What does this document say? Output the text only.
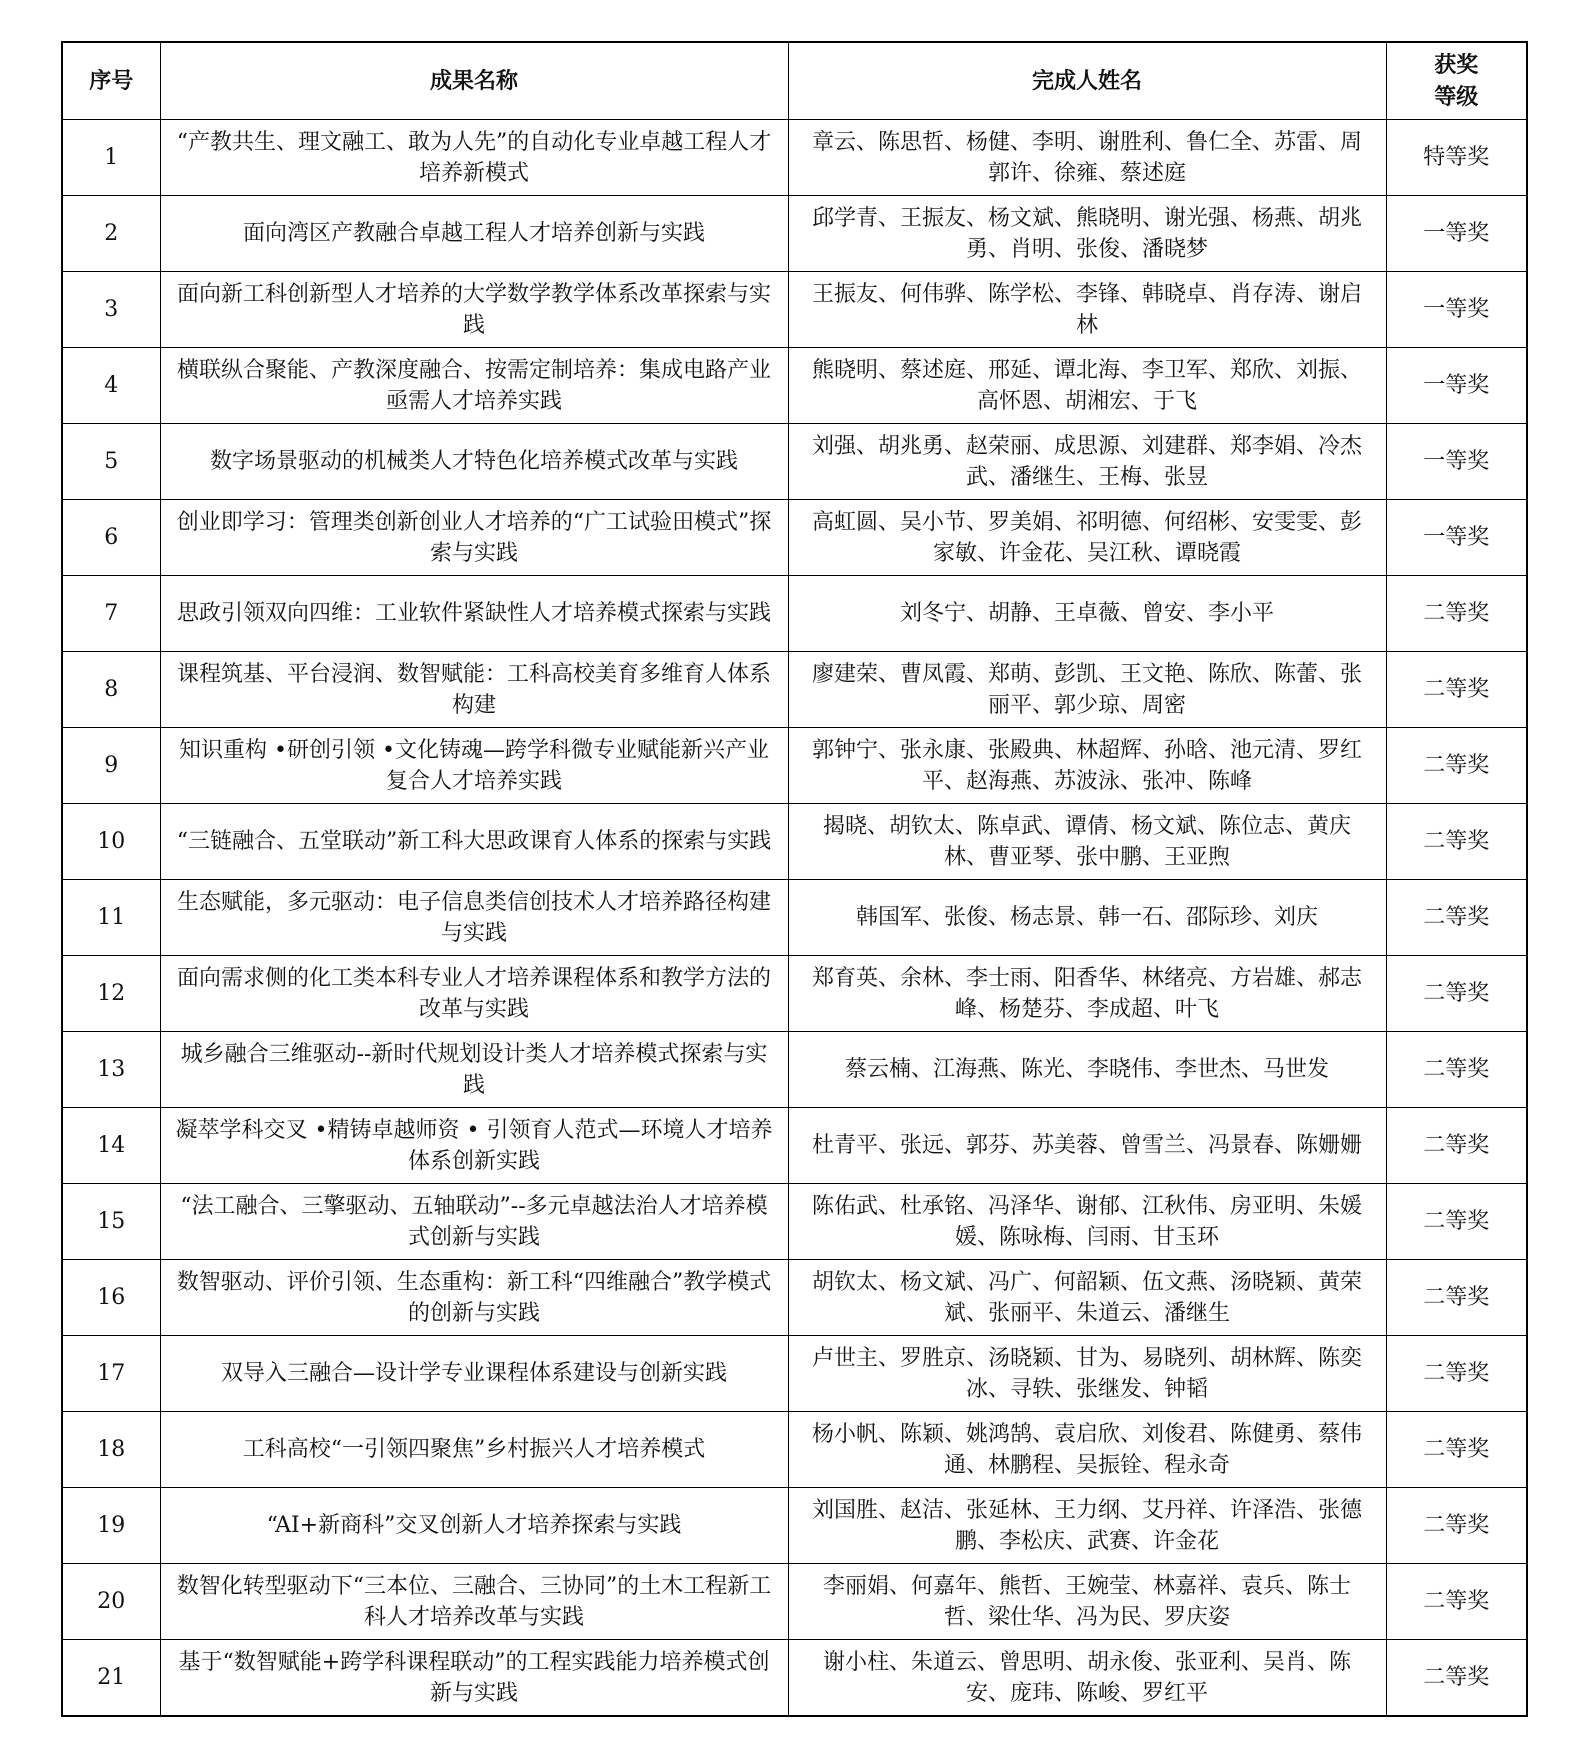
序号	成果名称	完成人姓名	获奖
等级

1	“产教共生、理文融工、敢为人先”的自动化专业卓越工程人才培养新模式	章云、陈思哲、杨健、李明、谢胜利、鲁仁全、苏雷、周郭许、徐雍、蔡述庭	特等奖
2	面向湾区产教融合卓越工程人才培养创新与实践	邱学青、王振友、杨文斌、熊晓明、谢光强、杨燕、胡兆勇、肖明、张俊、潘晓梦	一等奖
3	面向新工科创新型人才培养的大学数学教学体系改革探索与实践	王振友、何伟骅、陈学松、李锋、韩晓卓、肖存涛、谢启林	一等奖
4	横联纵合聚能、产教深度融合、按需定制培养：集成电路产业亟需人才培养实践	熊晓明、蔡述庭、邢延、谭北海、李卫军、郑欣、刘振、高怀恩、胡湘宏、于飞	一等奖
5	数字场景驱动的机械类人才特色化培养模式改革与实践	刘强、胡兆勇、赵荣丽、成思源、刘建群、郑李娟、冷杰武、潘继生、王梅、张昱	一等奖
6	创业即学习：管理类创新创业人才培养的“广工试验田模式”探索与实践	高虹圆、吴小节、罗美娟、祁明德、何绍彬、安雯雯、彭家敏、许金花、吴江秋、谭晓霞	一等奖
7	思政引领双向四维：工业软件紧缺性人才培养模式探索与实践	刘冬宁、胡静、王卓薇、曾安、李小平	二等奖
8	课程筑基、平台浸润、数智赋能：工科高校美育多维育人体系构建	廖建荣、曹凤霞、郑萌、彭凯、王文艳、陈欣、陈蕾、张丽平、郭少琼、周密	二等奖
9	知识重构 •研创引领 •文化铸魂—跨学科微专业赋能新兴产业复合人才培养实践	郭钟宁、张永康、张殿典、林超辉、孙晗、池元清、罗红平、赵海燕、苏波泳、张冲、陈峰	二等奖
10	“三链融合、五堂联动”新工科大思政课育人体系的探索与实践	揭晓、胡钦太、陈卓武、谭倩、杨文斌、陈位志、黄庆林、曹亚琴、张中鹏、王亚煦	二等奖
11	生态赋能，多元驱动：电子信息类信创技术人才培养路径构建与实践	韩国军、张俊、杨志景、韩一石、邵际珍、刘庆	二等奖
12	面向需求侧的化工类本科专业人才培养课程体系和教学方法的改革与实践	郑育英、余林、李士雨、阳香华、林绪亮、方岩雄、郝志峰、杨楚芬、李成超、叶飞	二等奖
13	城乡融合三维驱动--新时代规划设计类人才培养模式探索与实践	蔡云楠、江海燕、陈光、李晓伟、李世杰、马世发	二等奖
14	凝萃学科交叉 •精铸卓越师资 • 引领育人范式—环境人才培养体系创新实践	杜青平、张远、郭芬、苏美蓉、曾雪兰、冯景春、陈姗姗	二等奖
15	“法工融合、三擎驱动、五轴联动”--多元卓越法治人才培养模式创新与实践	陈佑武、杜承铭、冯泽华、谢郁、江秋伟、房亚明、朱媛媛、陈咏梅、闫雨、甘玉环	二等奖
16	数智驱动、评价引领、生态重构：新工科“四维融合”教学模式的创新与实践	胡钦太、杨文斌、冯广、何韶颖、伍文燕、汤晓颖、黄荣斌、张丽平、朱道云、潘继生	二等奖
17	双导入三融合—设计学专业课程体系建设与创新实践	卢世主、罗胜京、汤晓颖、甘为、易晓列、胡林辉、陈奕冰、寻轶、张继发、钟韬	二等奖
18	工科高校“一引领四聚焦”乡村振兴人才培养模式	杨小帆、陈颖、姚鸿鹄、袁启欣、刘俊君、陈健勇、蔡伟通、林鹏程、吴振铨、程永奇	二等奖
19	“AI+新商科”交叉创新人才培养探索与实践	刘国胜、赵洁、张延林、王力纲、艾丹祥、许泽浩、张德鹏、李松庆、武赛、许金花	二等奖
20	数智化转型驱动下“三本位、三融合、三协同”的土木工程新工科人才培养改革与实践	李丽娟、何嘉年、熊哲、王婉莹、林嘉祥、袁兵、陈士哲、梁仕华、冯为民、罗庆姿	二等奖
21	基于“数智赋能+跨学科课程联动”的工程实践能力培养模式创新与实践	谢小柱、朱道云、曾思明、胡永俊、张亚利、吴肖、陈安、庞玮、陈峻、罗红平	二等奖
